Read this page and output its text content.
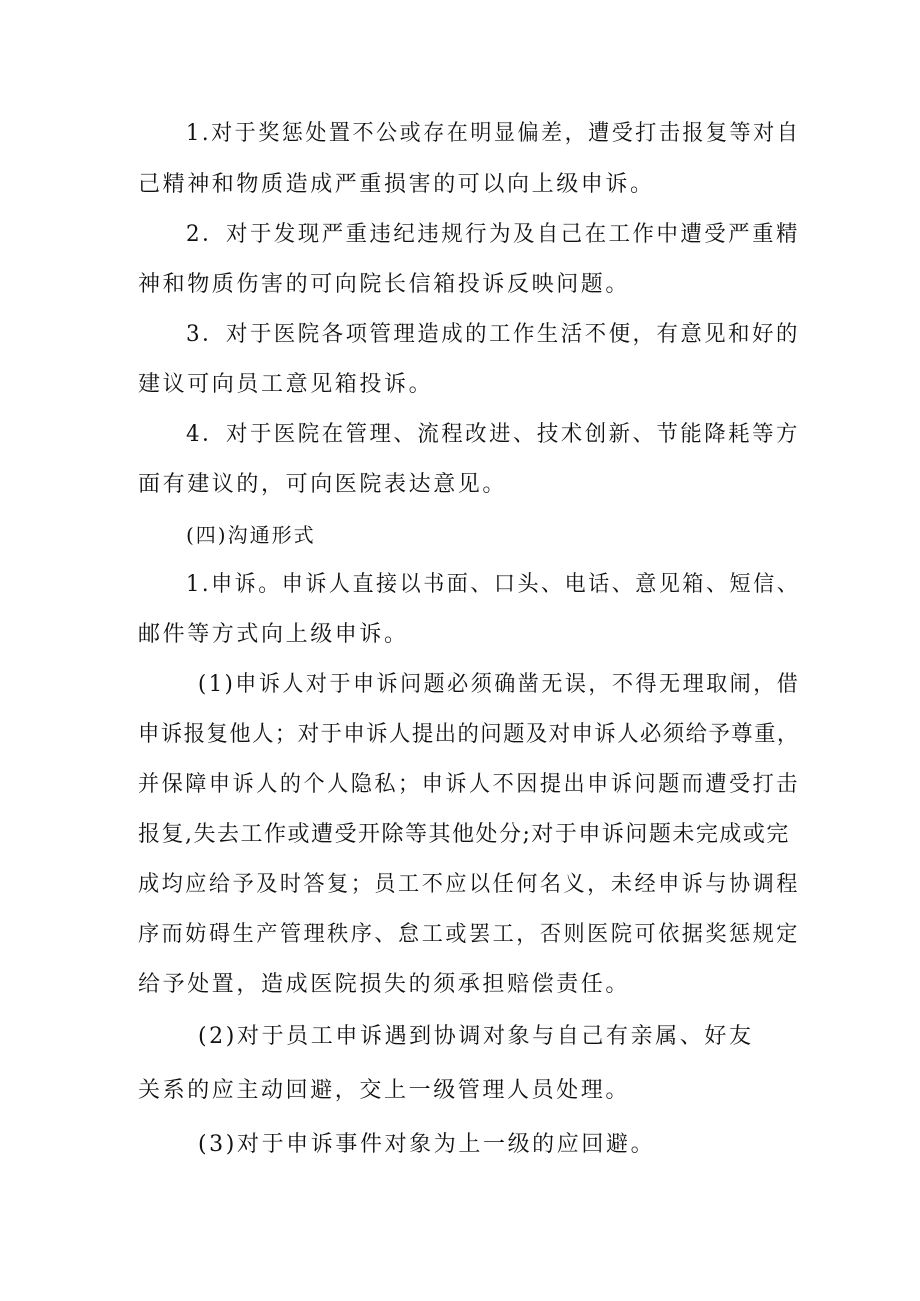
1.对于奖惩处置不公或存在明显偏差，遭受打击报复等对自

己精神和物质造成严重损害的可以向上级申诉。

2．对于发现严重违纪违规行为及自己在工作中遭受严重精

神和物质伤害的可向院长信箱投诉反映问题。

3．对于医院各项管理造成的工作生活不便，有意见和好的

建议可向员工意见箱投诉。

4．对于医院在管理、流程改进、技术创新、节能降耗等方

面有建议的，可向医院表达意见。

(四)沟通形式

1.申诉。申诉人直接以书面、口头、电话、意见箱、短信、

邮件等方式向上级申诉。

(1)申诉人对于申诉问题必须确凿无误，不得无理取闹，借

申诉报复他人；对于申诉人提出的问题及对申诉人必须给予尊重，

并保障申诉人的个人隐私；申诉人不因提出申诉问题而遭受打击

报复,失去工作或遭受开除等其他处分;对于申诉问题未完成或完

成均应给予及时答复；员工不应以任何名义，未经申诉与协调程

序而妨碍生产管理秩序、怠工或罢工，否则医院可依据奖惩规定

给予处置，造成医院损失的须承担赔偿责任。

(2)对于员工申诉遇到协调对象与自己有亲属、好友

关系的应主动回避，交上一级管理人员处理。

(3)对于申诉事件对象为上一级的应回避。
